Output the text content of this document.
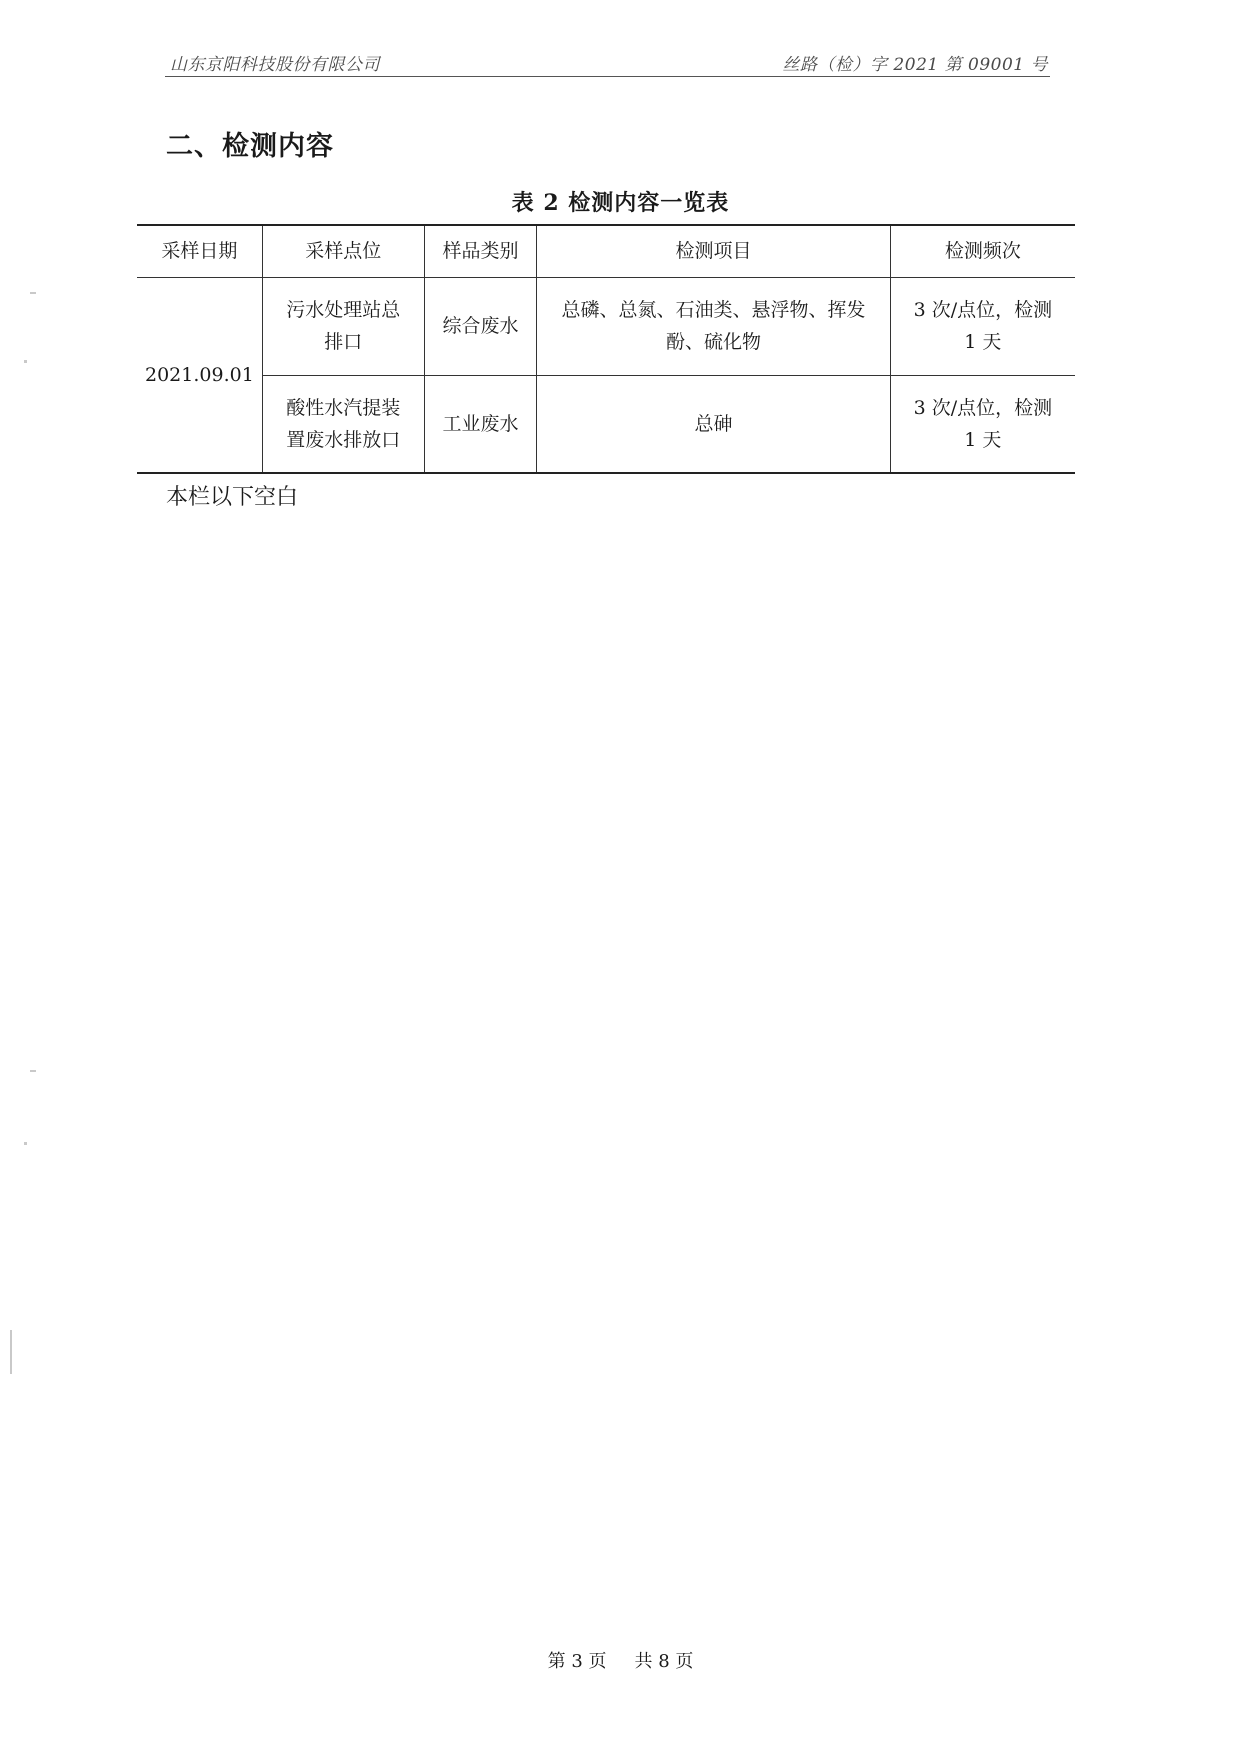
山东京阳科技股份有限公司	丝路（检）字 2021 第 09001 号
二、检测内容
表 2 检测内容一览表
采样日期	采样点位	样品类别	检测项目	检测频次
2021.09.01	污水处理站总排口	综合废水	总磷、总氮、石油类、悬浮物、挥发酚、硫化物	3 次/点位，检测 1 天
	酸性水汽提装置废水排放口	工业废水	总砷	3 次/点位，检测 1 天
本栏以下空白
第 3 页 共 8 页
